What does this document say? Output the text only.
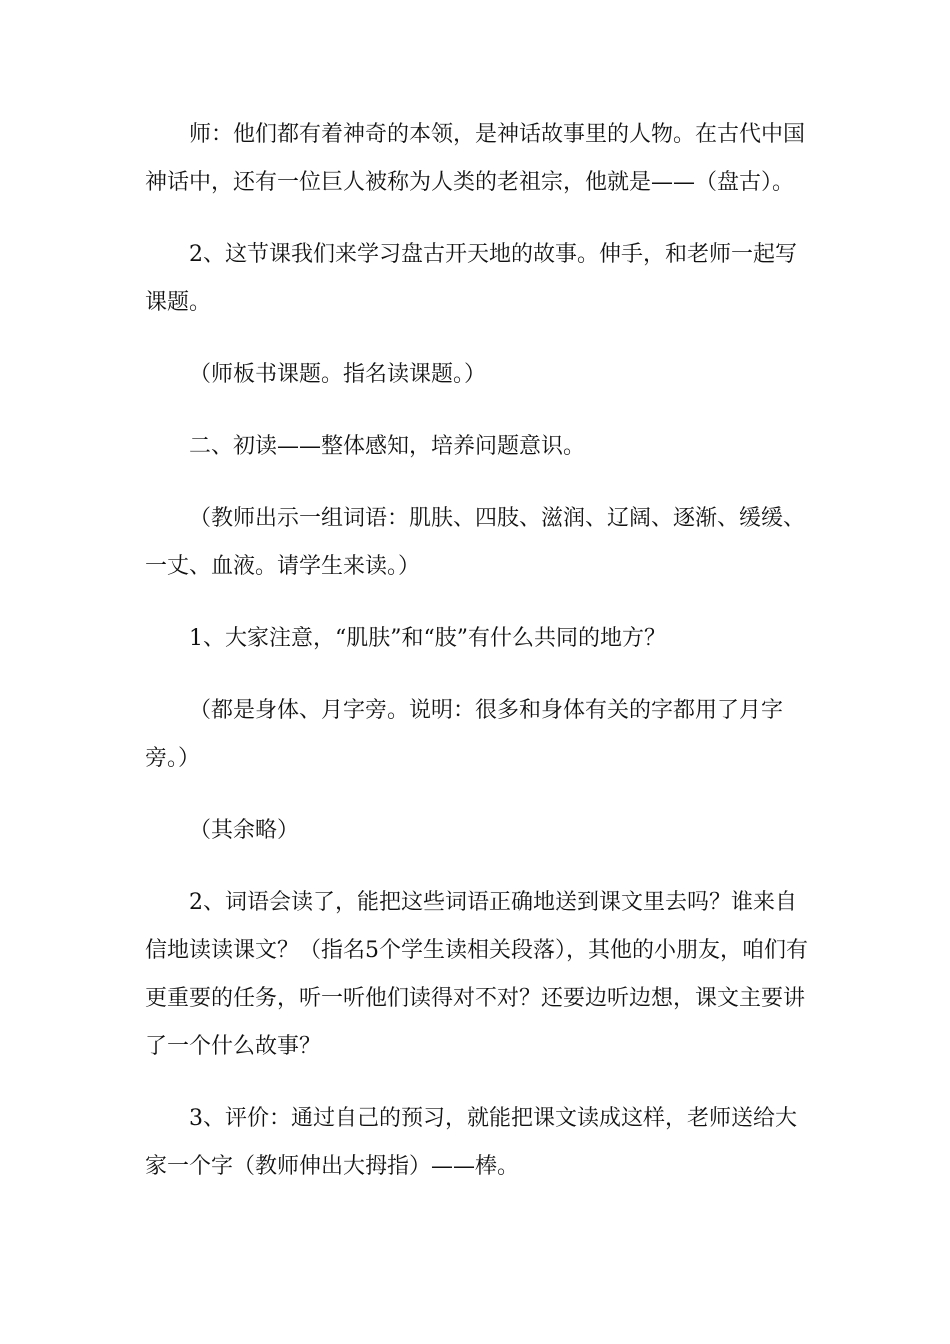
师：他们都有着神奇的本领，是神话故事里的人物。在古代中国神话中，还有一位巨人被称为人类的老祖宗，他就是——（盘古）。

2、这节课我们来学习盘古开天地的故事。伸手，和老师一起写课题。

（师板书课题。指名读课题。）

二、初读——整体感知，培养问题意识。

（教师出示一组词语：肌肤、四肢、滋润、辽阔、逐渐、缓缓、一丈、血液。请学生来读。）

1、大家注意，“肌肤”和“肢”有什么共同的地方？

（都是身体、月字旁。说明：很多和身体有关的字都用了月字旁。）

（其余略）

2、词语会读了，能把这些词语正确地送到课文里去吗？谁来自信地读读课文？（指名5个学生读相关段落），其他的小朋友，咱们有更重要的任务，听一听他们读得对不对？还要边听边想，课文主要讲了一个什么故事？

3、评价：通过自己的预习，就能把课文读成这样，老师送给大家一个字（教师伸出大拇指）——棒。
